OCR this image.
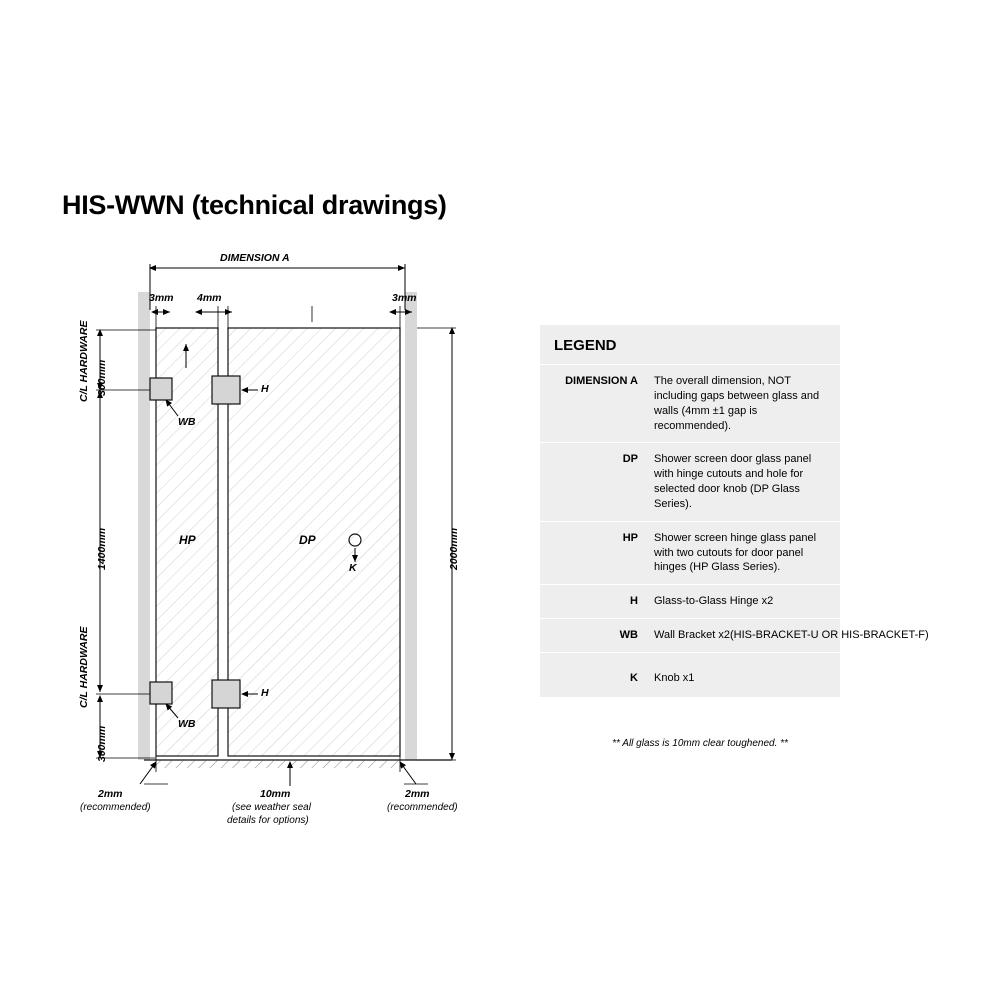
HIS-WWN (technical drawings)
DIMENSION A
3mm 4mm	3mm
C/L HARDWARE 300mm
1400mm
C/L HARDWARE
300mm
2000mm
HP	DP
H
H
WB
WB
K
2mm
(recommended)
10mm
(see weather seal
details for options)
2mm
(recommended)
LEGEND
DIMENSION A	The overall dimension, NOT including gaps between glass and walls (4mm ±1 gap is recommended).
DP	Shower screen door glass panel with hinge cutouts and hole for selected door knob (DP Glass Series).
HP	Shower screen hinge glass panel with two cutouts for door panel hinges (HP Glass Series).
H	Glass-to-Glass Hinge x2
WB	Wall Bracket x2(HIS-BRACKET-U OR HIS-BRACKET-F)
K	Knob x1
** All glass is 10mm clear toughened. **
